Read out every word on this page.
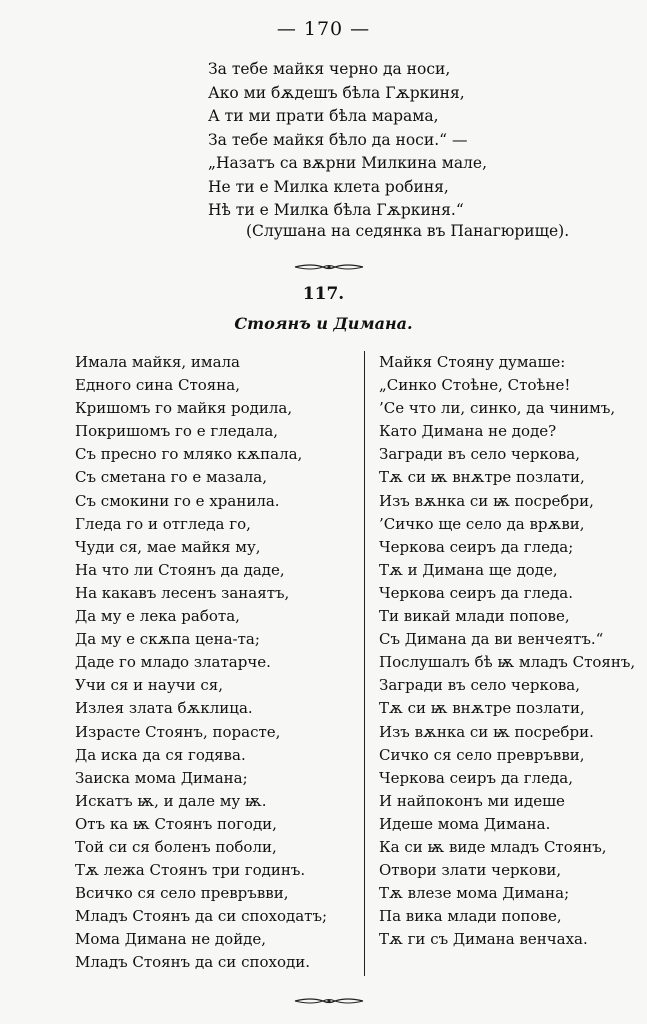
— 170 —
За тебе майкя черно да носи,
Ако ми бѫдешъ бѣла Гѫркиня,
А ти ми прати бѣла марама,
За тебе майкя бѣло да носи.“ —
„Назатъ са вѫрни Милкина мале,
Не ти е Милка клета робиня,
Нѣ ти е Милка бѣла Гѫркиня.“
(Слушана на седянка въ Панагюрище).
117.
Стоянъ и Димана.
Имала майкя, имала
Едного сина Стояна,
Кришомъ го майкя родила,
Покришомъ го е гледала,
Съ пресно го мляко кѫпала,
Съ сметана го е мазала,
Съ смокини го е хранила.
Гледа го и отгледа го,
Чуди ся, мае майкя му,
На что ли Стоянъ да даде,
На какавъ лесенъ занаятъ,
Да му е лека работа,
Да му е скѫпа цена-та;
Даде го младо златарче.
Учи ся и научи ся,
Излея злата бѫклица.
Израсте Стоянъ, порасте,
Да иска да ся годява.
Заиска мома Димана;
Искатъ ѭ, и дале му ѭ.
Отъ ка ѭ Стоянъ погоди,
Той си ся боленъ поболи,
Тѫ лежа Стоянъ три годинъ.
Всичко ся село превръвви,
Младъ Стоянъ да си споходатъ;
Мома Димана не дойде,
Младъ Стоянъ да си споходи.
Майкя Стояну думаше:
„Синко Стоѣне, Стоѣне!
’Се что ли, синко, да чинимъ,
Като Димана не доде?
Загради въ село черкова,
Тѫ си ѭ внѫтре позлати,
Изъ вѫнка си ѭ посребри,
’Сичко ще село да врѫви,
Черкова сеиръ да гледа;
Тѫ и Димана ще доде,
Черкова сеиръ да гледа.
Ти викай млади попове,
Съ Димана да ви венчеятъ.“
Послушалъ бѣ ѭ младъ Стоянъ,
Загради въ село черкова,
Тѫ си ѭ внѫтре позлати,
Изъ вѫнка си ѭ посребри.
Сичко ся село превръвви,
Черкова сеиръ да гледа,
И найпоконъ ми идеше
Идеше мома Димана.
Ка си ѭ виде младъ Стоянъ,
Отвори злати черкови,
Тѫ влезе мома Димана;
Па вика млади попове,
Тѫ ги съ Димана венчаха.
